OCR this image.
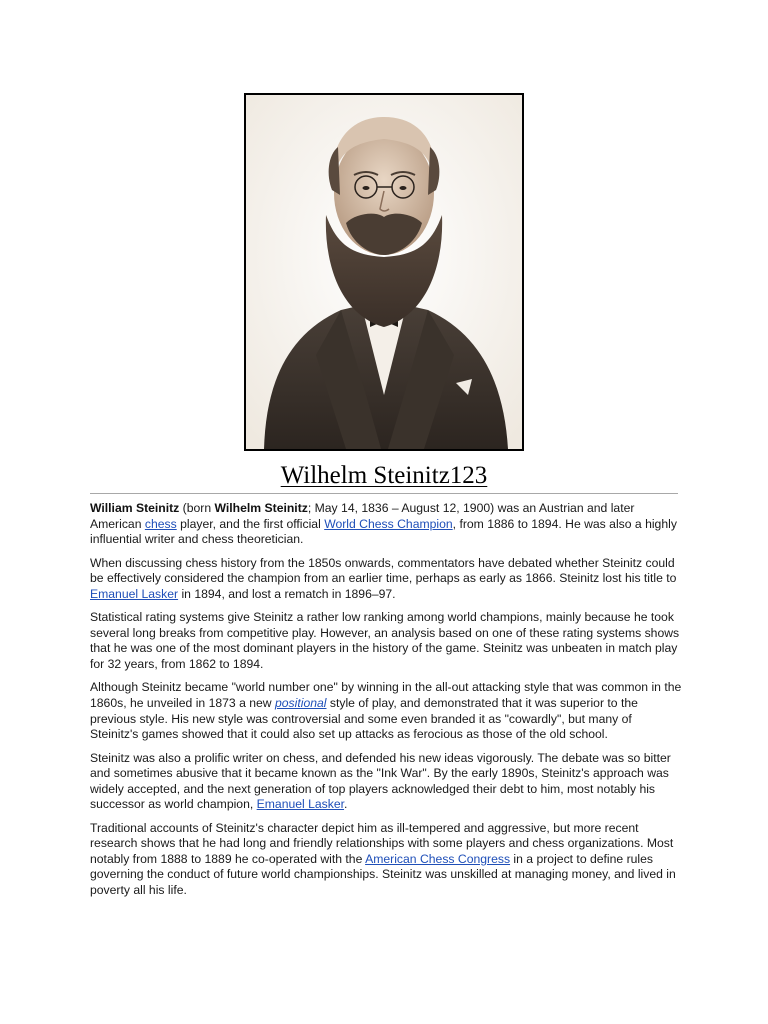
Wilhelm Steinitz123

William Steinitz (born Wilhelm Steinitz; May 14, 1836 – August 12, 1900) was an Austrian and later American chess player, and the first official World Chess Champion, from 1886 to 1894. He was also a highly influential writer and chess theoretician.

When discussing chess history from the 1850s onwards, commentators have debated whether Steinitz could be effectively considered the champion from an earlier time, perhaps as early as 1866. Steinitz lost his title to Emanuel Lasker in 1894, and lost a rematch in 1896–97.

Statistical rating systems give Steinitz a rather low ranking among world champions, mainly because he took several long breaks from competitive play. However, an analysis based on one of these rating systems shows that he was one of the most dominant players in the history of the game. Steinitz was unbeaten in match play for 32 years, from 1862 to 1894.

Although Steinitz became "world number one" by winning in the all-out attacking style that was common in the 1860s, he unveiled in 1873 a new positional style of play, and demonstrated that it was superior to the previous style. His new style was controversial and some even branded it as "cowardly", but many of Steinitz's games showed that it could also set up attacks as ferocious as those of the old school.

Steinitz was also a prolific writer on chess, and defended his new ideas vigorously. The debate was so bitter and sometimes abusive that it became known as the "Ink War". By the early 1890s, Steinitz's approach was widely accepted, and the next generation of top players acknowledged their debt to him, most notably his successor as world champion, Emanuel Lasker.

Traditional accounts of Steinitz's character depict him as ill-tempered and aggressive, but more recent research shows that he had long and friendly relationships with some players and chess organizations. Most notably from 1888 to 1889 he co-operated with the American Chess Congress in a project to define rules governing the conduct of future world championships. Steinitz was unskilled at managing money, and lived in poverty all his life.
